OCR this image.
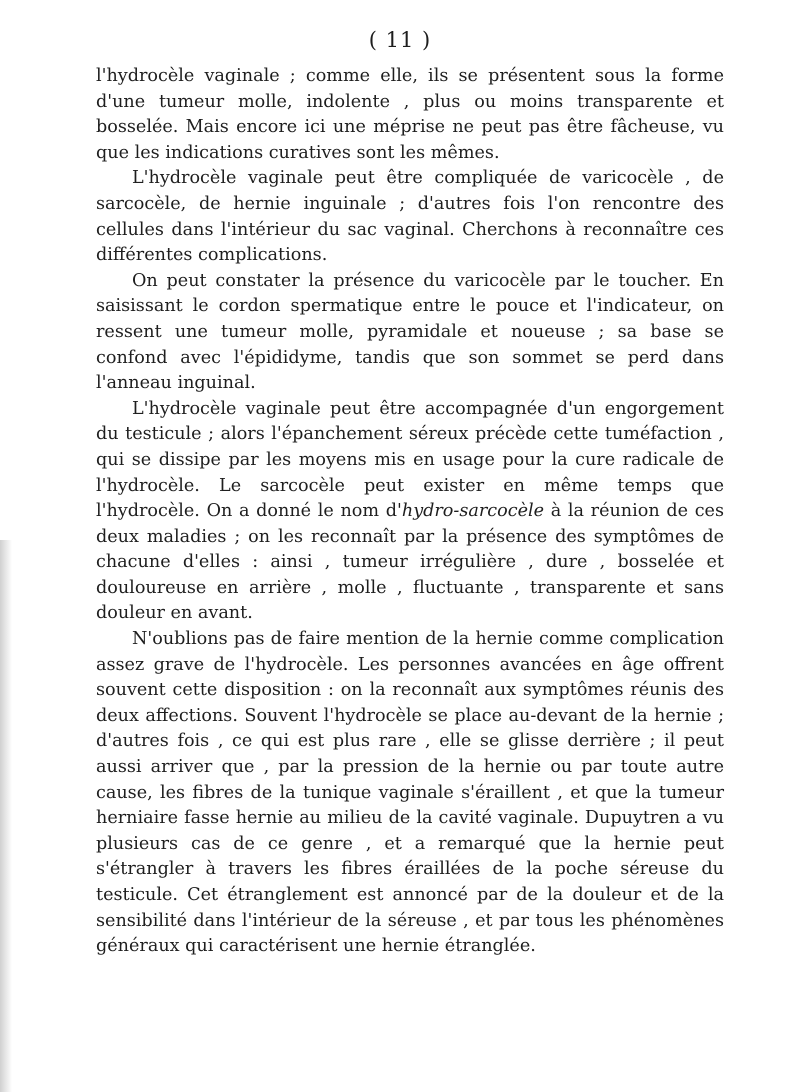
( 11 )

l'hydrocèle vaginale ; comme elle, ils se présentent sous la forme d'une tumeur molle, indolente , plus ou moins transparente et bosselée. Mais encore ici une méprise ne peut pas être fâcheuse, vu que les indications curatives sont les mêmes.

L'hydrocèle vaginale peut être compliquée de varicocèle , de sarcocèle, de hernie inguinale ; d'autres fois l'on rencontre des cellules dans l'intérieur du sac vaginal. Cherchons à reconnaître ces différentes complications.

On peut constater la présence du varicocèle par le toucher. En saisissant le cordon spermatique entre le pouce et l'indicateur, on ressent une tumeur molle, pyramidale et noueuse ; sa base se confond avec l'épididyme, tandis que son sommet se perd dans l'anneau inguinal.

L'hydrocèle vaginale peut être accompagnée d'un engorgement du testicule ; alors l'épanchement séreux précède cette tuméfaction , qui se dissipe par les moyens mis en usage pour la cure radicale de l'hydrocèle. Le sarcocèle peut exister en même temps que l'hydrocèle. On a donné le nom d'hydro-sarcocèle à la réunion de ces deux maladies ; on les reconnaît par la présence des symptômes de chacune d'elles : ainsi , tumeur irrégulière , dure , bosselée et douloureuse en arrière , molle , fluctuante , transparente et sans douleur en avant.

N'oublions pas de faire mention de la hernie comme complication assez grave de l'hydrocèle. Les personnes avancées en âge offrent souvent cette disposition : on la reconnaît aux symptômes réunis des deux affections. Souvent l'hydrocèle se place au-devant de la hernie ; d'autres fois , ce qui est plus rare , elle se glisse derrière ; il peut aussi arriver que , par la pression de la hernie ou par toute autre cause, les fibres de la tunique vaginale s'éraillent , et que la tumeur herniaire fasse hernie au milieu de la cavité vaginale. Dupuytren a vu plusieurs cas de ce genre , et a remarqué que la hernie peut s'étrangler à travers les fibres éraillées de la poche séreuse du testicule. Cet étranglement est annoncé par de la douleur et de la sensibilité dans l'intérieur de la séreuse , et par tous les phénomènes généraux qui caractérisent une hernie étranglée.
